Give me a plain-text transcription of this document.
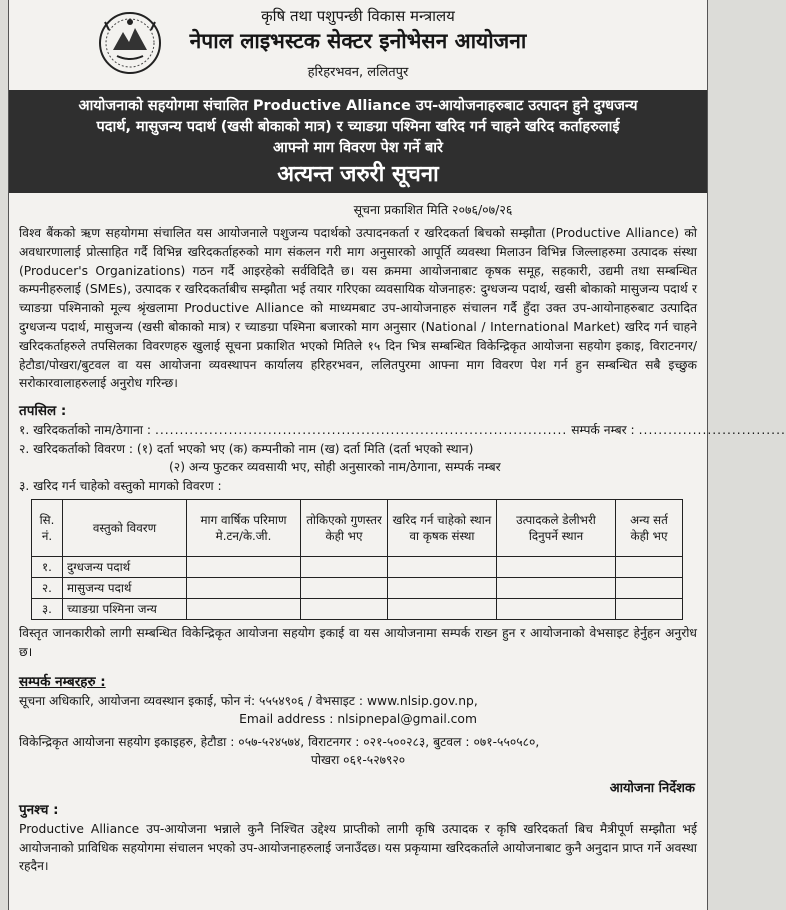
कृषि तथा पशुपन्छी विकास मन्त्रालय
नेपाल लाइभस्टक सेक्टर इनोभेसन आयोजना
हरिहरभवन, ललितपुर
आयोजनाको सहयोगमा संचालित Productive Alliance उप-आयोजनाहरुबाट उत्पादन हुने दुग्धजन्य
पदार्थ, मासुजन्य पदार्थ (खसी बोकाको मात्र) र च्याङग्रा पश्मिना खरिद गर्न चाहने खरिद कर्ताहरुलाई
आफ्नो माग विवरण पेश गर्ने बारे
अत्यन्त जरुरी सूचना
सूचना प्रकाशित मिति २०७६/०७/२६
विश्व बैंकको ऋण सहयोगमा संचालित यस आयोजनाले पशुजन्य पदार्थको उत्पादनकर्ता र खरिदकर्ता बिचको सम्झौता (Productive Alliance) को अवधारणालाई प्रोत्साहित गर्दै विभिन्न खरिदकर्ताहरुको माग संकलन गरी माग अनुसारको आपूर्ति व्यवस्था मिलाउन विभिन्न जिल्लाहरुमा उत्पादक संस्था (Producer's Organizations) गठन गर्दै आइरहेको सर्वविदितै छ। यस क्रममा आयोजनाबाट कृषक समूह, सहकारी, उद्यमी तथा सम्बन्धित कम्पनीहरुलाई (SMEs), उत्पादक र खरिदकर्ताबीच सम्झौता भई तयार गरिएका व्यवसायिक योजनाहरु: दुग्धजन्य पदार्थ, खसी बोकाको मासुजन्य पदार्थ र च्याङग्रा पश्मिनाको मूल्य श्रृंखलामा Productive Alliance को माध्यमबाट उप-आयोजनाहरु संचालन गर्दै हुँदा उक्त उप-आयोनाहरुबाट उत्पादित दुग्धजन्य पदार्थ, मासुजन्य (खसी बोकाको मात्र) र च्याङग्रा पश्मिना बजारको माग अनुसार (National / International Market) खरिद गर्न चाहने खरिदकर्ताहरुले तपसिलका विवरणहरु खुलाई सूचना प्रकाशित भएको मितिले १५ दिन भित्र सम्बन्धित विकेन्द्रिकृत आयोजना सहयोग इकाइ, विराटनगर/हेटौडा/पोखरा/बुटवल वा यस आयोजना व्यवस्थापन कार्यालय हरिहरभवन, ललितपुरमा आफ्ना माग विवरण पेश गर्न हुन सम्बन्धित सबै इच्छुक सरोकारवालाहरुलाई अनुरोध गरिन्छ।
तपसिल :
१. खरिदकर्ताको नाम/ठेगाना : .................................................................................... सम्पर्क नम्बर : ..............................
२. खरिदकर्ताको विवरण : (१) दर्ता भएको भए (क) कम्पनीको नाम (ख) दर्ता मिति (दर्ता भएको स्थान)
(२) अन्य फुटकर व्यवसायी भए, सोही अनुसारको नाम/ठेगाना, सम्पर्क नम्बर
३. खरिद गर्न चाहेको वस्तुको मागको विवरण :
सि. नं.	वस्तुको विवरण	माग वार्षिक परिमाण मे.टन/के.जी.	तोकिएको गुणस्तर केही भए	खरिद गर्न चाहेको स्थान वा कृषक संस्था	उत्पादकले डेलीभरी दिनुपर्ने स्थान	अन्य सर्त केही भए
१.	दुग्धजन्य पदार्थ					
२.	मासुजन्य पदार्थ					
३.	च्याङग्रा पश्मिना जन्य					
विस्तृत जानकारीको लागी सम्बन्धित विकेन्द्रिकृत आयोजना सहयोग इकाई वा यस आयोजनामा सम्पर्क राख्न हुन र आयोजनाको वेभसाइट हेर्नुहन अनुरोध छ।
सम्पर्क नम्बरहरु :
सूचना अधिकारि, आयोजना व्यवस्थान इकाई, फोन नं: ५५५४९०६ / वेभसाइट : www.nlsip.gov.np,
Email address : nlsipnepal@gmail.com
विकेन्द्रिकृत आयोजना सहयोग इकाइहरु, हेटौडा : ०५७-५२४५७४, विराटनगर : ०२१-५००२८३, बुटवल : ०७१-५५०५८०,
पोखरा ०६१-५२७९२०
आयोजना निर्देशक
पुनश्च :
Productive Alliance उप-आयोजना भन्नाले कुनै निश्चित उद्देश्य प्राप्तीको लागी कृषि उत्पादक र कृषि खरिदकर्ता बिच मैत्रीपूर्ण सम्झौता भई आयोजनाको प्राविधिक सहयोगमा संचालन भएको उप-आयोजनाहरुलाई जनाउँदछ। यस प्रकृयामा खरिदकर्ताले आयोजनाबाट कुनै अनुदान प्राप्त गर्ने अवस्था रहदैन।
